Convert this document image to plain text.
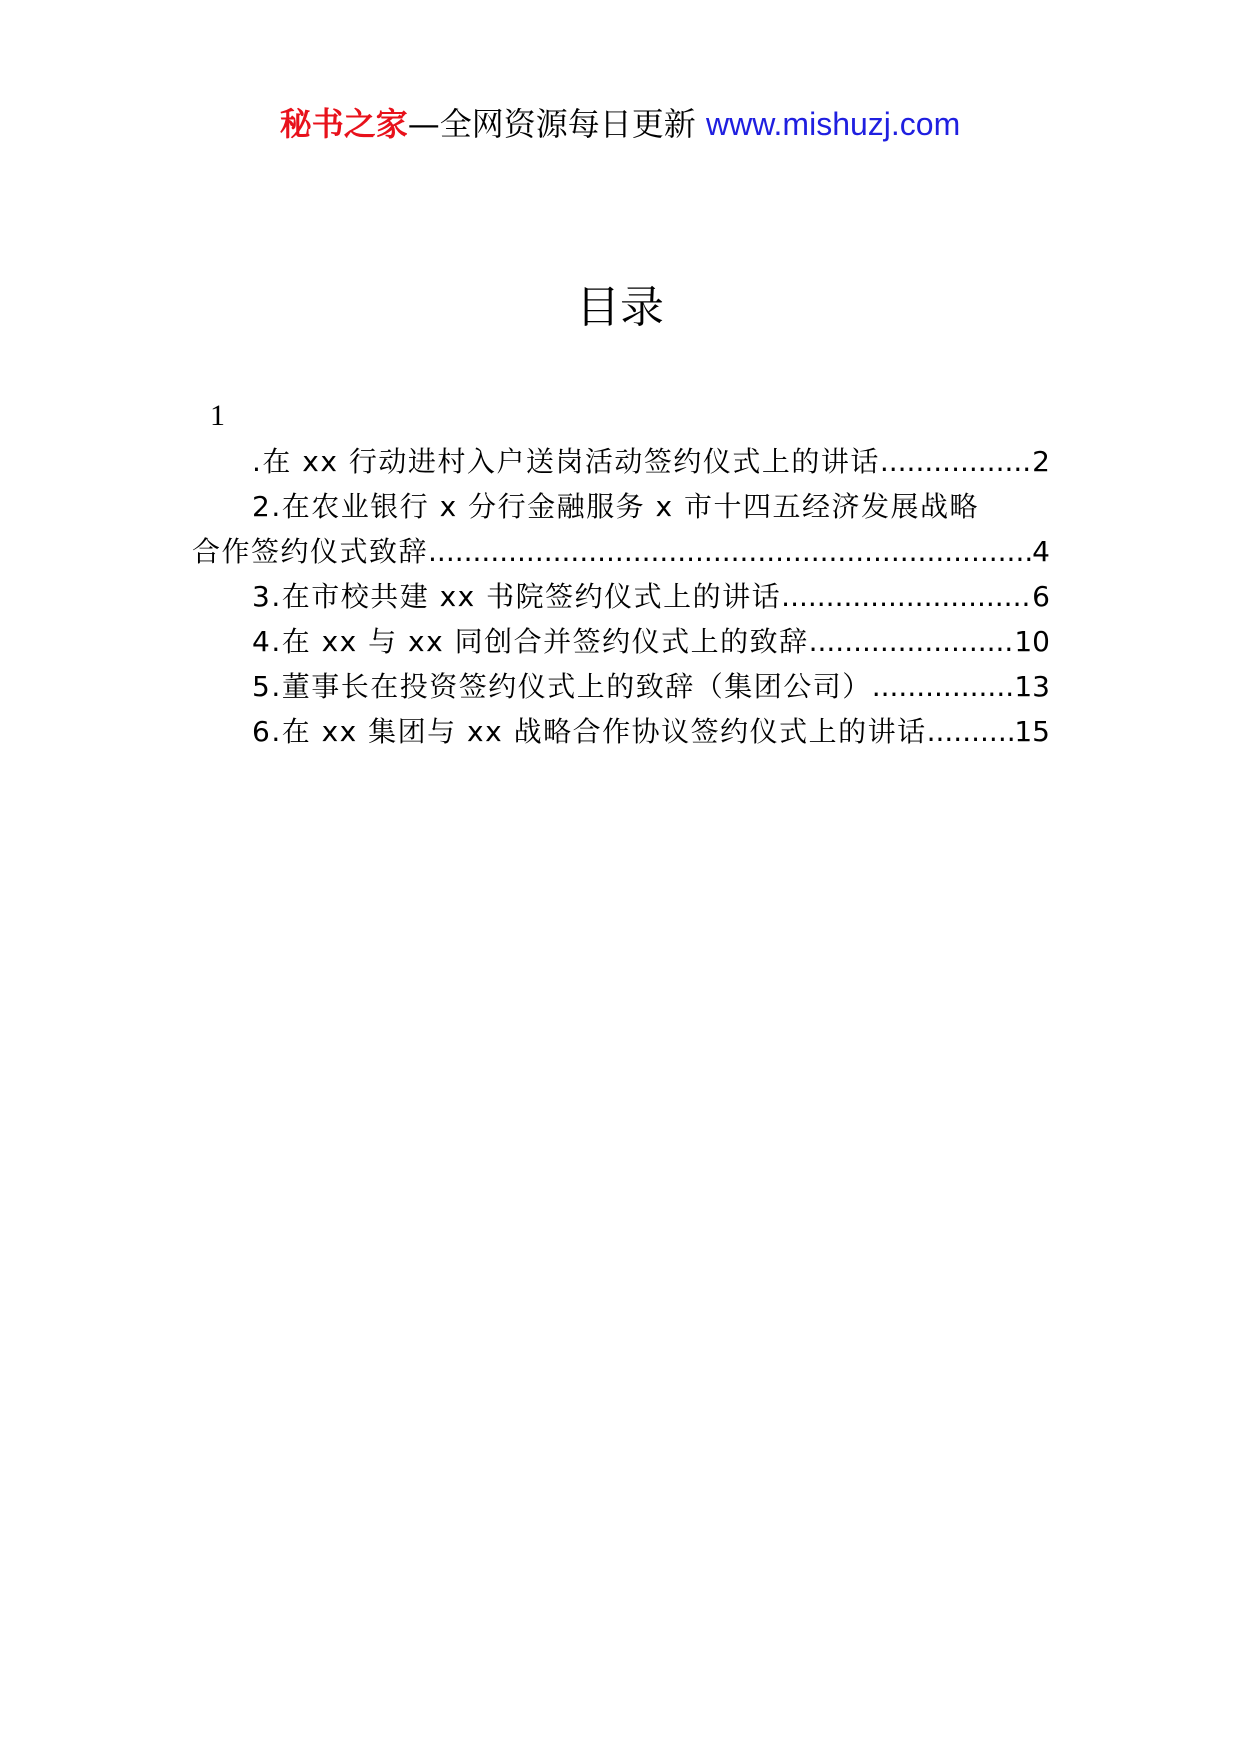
秘书之家—全网资源每日更新 www.mishuzj.com
目录
1
.在 xx 行动进村入户送岗活动签约仪式上的讲话 .....	2
2.在农业银行 x 分行金融服务 x 市十四五经济发展战略
合作签约仪式致辞 .....	4
3.在市校共建 xx 书院签约仪式上的讲话 .....	6
4.在 xx 与 xx 同创合并签约仪式上的致辞 .....	10
5.董事长在投资签约仪式上的致辞（集团公司） .....	13
6.在 xx 集团与 xx 战略合作协议签约仪式上的讲话 .....	15
